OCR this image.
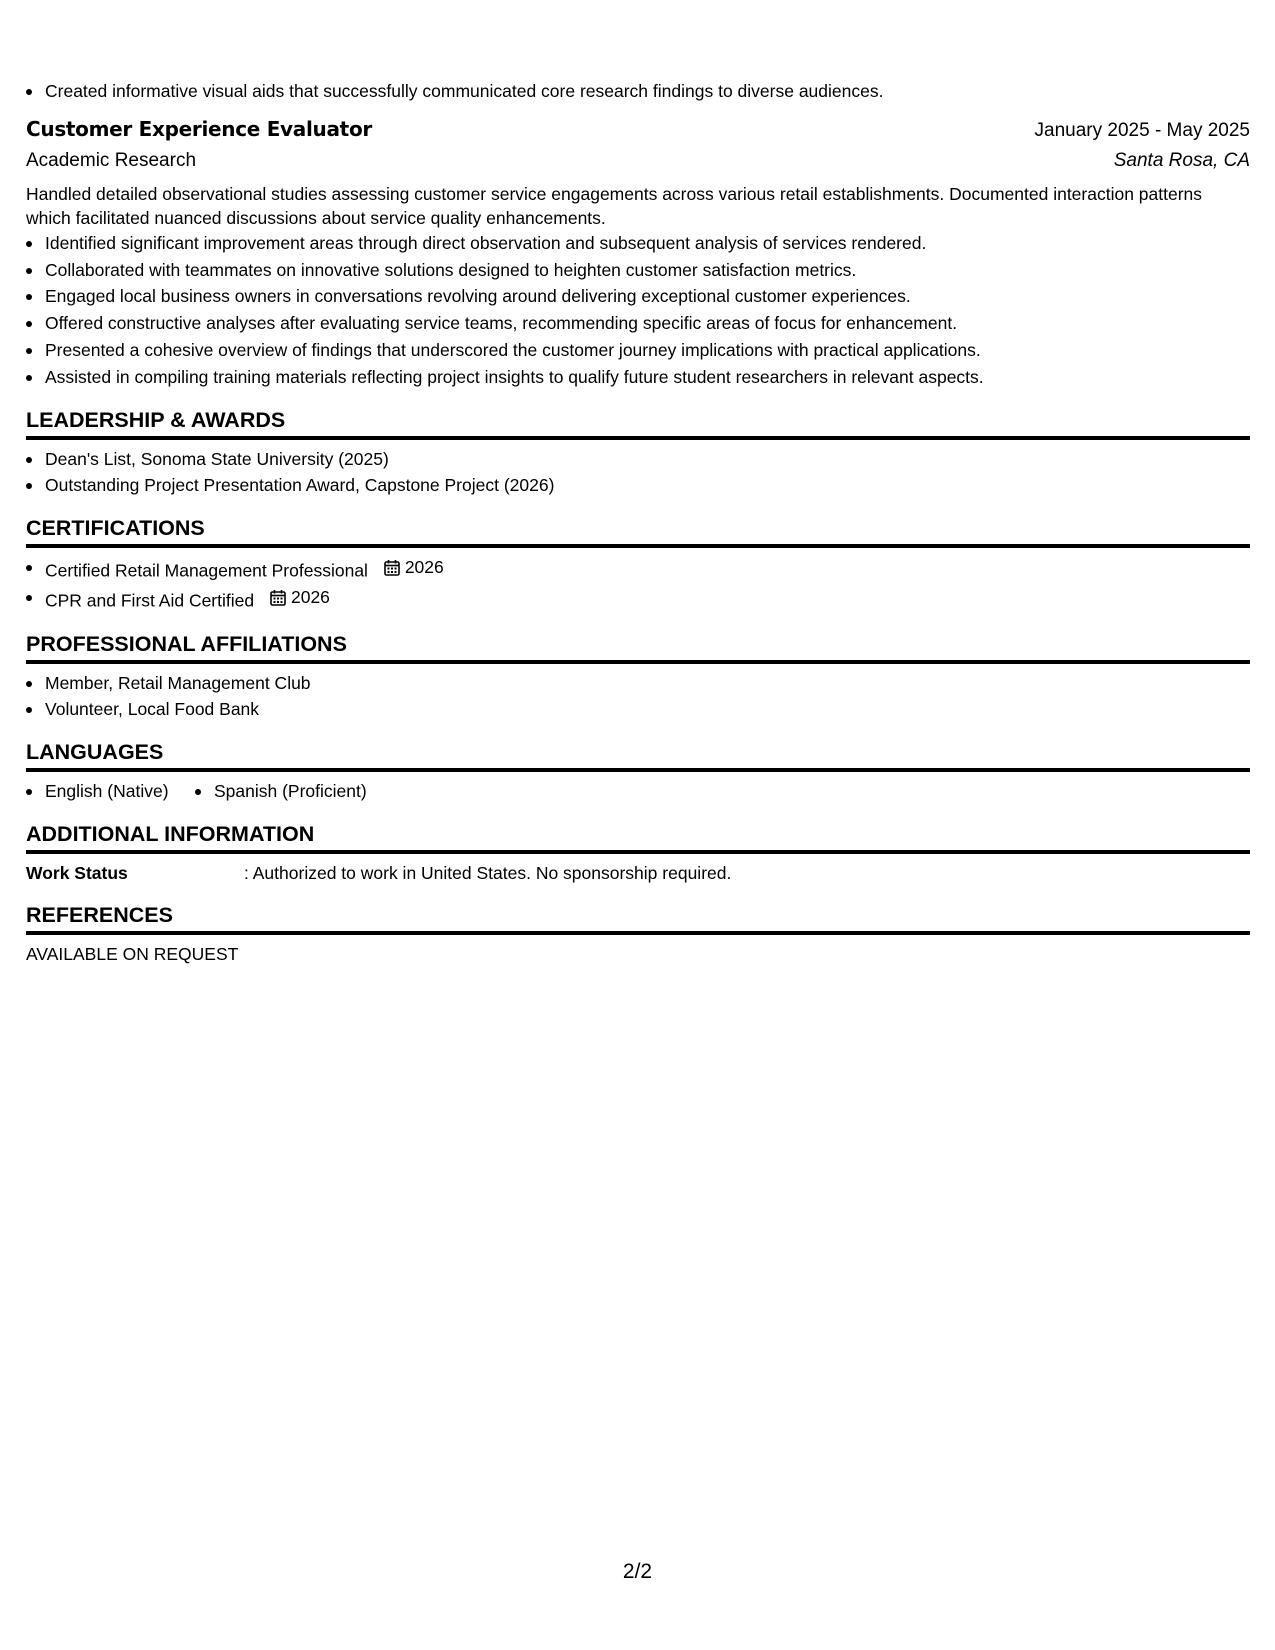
Created informative visual aids that successfully communicated core research findings to diverse audiences.
Customer Experience Evaluator	January 2025 - May 2025
Academic Research	Santa Rosa, CA
Handled detailed observational studies assessing customer service engagements across various retail establishments. Documented interaction patterns which facilitated nuanced discussions about service quality enhancements.
Identified significant improvement areas through direct observation and subsequent analysis of services rendered.
Collaborated with teammates on innovative solutions designed to heighten customer satisfaction metrics.
Engaged local business owners in conversations revolving around delivering exceptional customer experiences.
Offered constructive analyses after evaluating service teams, recommending specific areas of focus for enhancement.
Presented a cohesive overview of findings that underscored the customer journey implications with practical applications.
Assisted in compiling training materials reflecting project insights to qualify future student researchers in relevant aspects.
LEADERSHIP & AWARDS
Dean's List, Sonoma State University (2025)
Outstanding Project Presentation Award, Capstone Project (2026)
CERTIFICATIONS
Certified Retail Management Professional 2026
CPR and First Aid Certified 2026
PROFESSIONAL AFFILIATIONS
Member, Retail Management Club
Volunteer, Local Food Bank
LANGUAGES
English (Native)	Spanish (Proficient)
ADDITIONAL INFORMATION
Work Status	: Authorized to work in United States. No sponsorship required.
REFERENCES
AVAILABLE ON REQUEST
2/2
